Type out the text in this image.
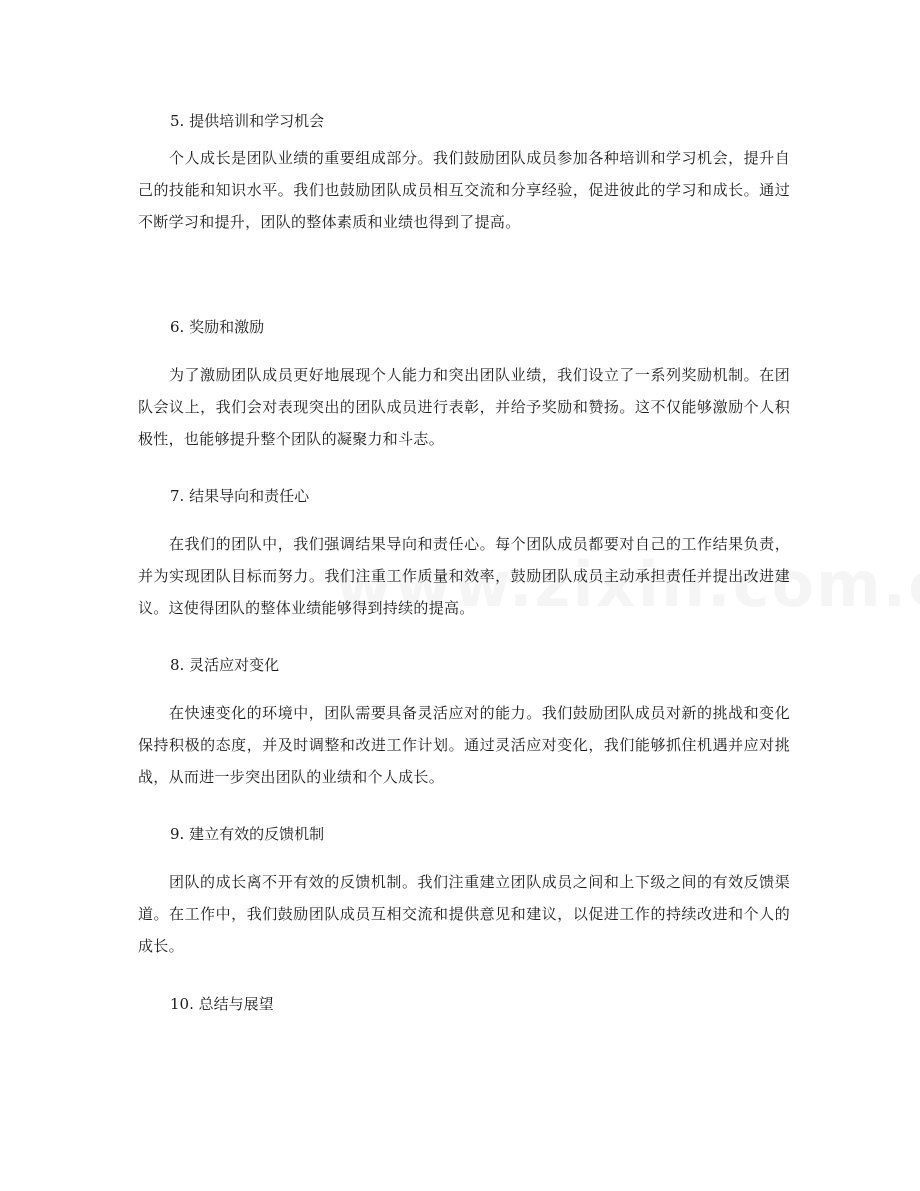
5. 提供培训和学习机会
个人成长是团队业绩的重要组成部分。我们鼓励团队成员参加各种培训和学习机会，提升自己的技能和知识水平。我们也鼓励团队成员相互交流和分享经验，促进彼此的学习和成长。通过不断学习和提升，团队的整体素质和业绩也得到了提高。
6. 奖励和激励
为了激励团队成员更好地展现个人能力和突出团队业绩，我们设立了一系列奖励机制。在团队会议上，我们会对表现突出的团队成员进行表彰，并给予奖励和赞扬。这不仅能够激励个人积极性，也能够提升整个团队的凝聚力和斗志。
7. 结果导向和责任心
在我们的团队中，我们强调结果导向和责任心。每个团队成员都要对自己的工作结果负责，并为实现团队目标而努力。我们注重工作质量和效率，鼓励团队成员主动承担责任并提出改进建议。这使得团队的整体业绩能够得到持续的提高。
8. 灵活应对变化
在快速变化的环境中，团队需要具备灵活应对的能力。我们鼓励团队成员对新的挑战和变化保持积极的态度，并及时调整和改进工作计划。通过灵活应对变化，我们能够抓住机遇并应对挑战，从而进一步突出团队的业绩和个人成长。
9. 建立有效的反馈机制
团队的成长离不开有效的反馈机制。我们注重建立团队成员之间和上下级之间的有效反馈渠道。在工作中，我们鼓励团队成员互相交流和提供意见和建议，以促进工作的持续改进和个人的成长。
10. 总结与展望
